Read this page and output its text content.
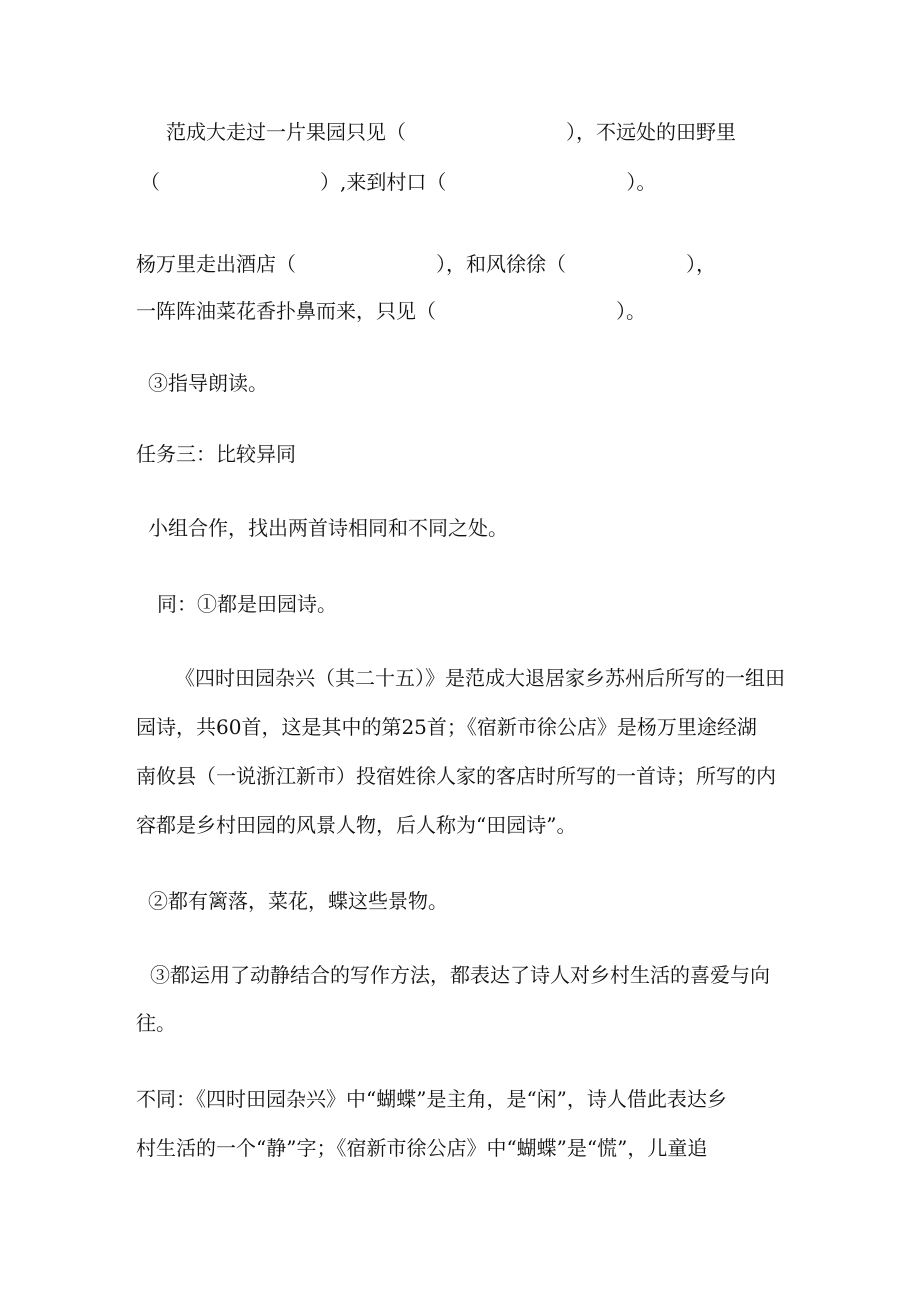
范成大走过一片果园只见（　　　　　　　　），不远处的田野里
（　　　　　　　　）,来到村口（　　　　　　　　　）。
杨万里走出酒店（　　　　　　　），和风徐徐（　　　　　　），
一阵阵油菜花香扑鼻而来，只见（　　　　　　　　　）。
③指导朗读。
任务三：比较异同
小组合作，找出两首诗相同和不同之处。
同：①都是田园诗。
《四时田园杂兴（其二十五）》是范成大退居家乡苏州后所写的一组田
园诗，共60首，这是其中的第25首；《宿新市徐公店》是杨万里途经湖
南攸县（一说浙江新市）投宿姓徐人家的客店时所写的一首诗；所写的内
容都是乡村田园的风景人物，后人称为“田园诗”。
②都有篱落，菜花，蝶这些景物。
③都运用了动静结合的写作方法，都表达了诗人对乡村生活的喜爱与向
往。
不同：《四时田园杂兴》中“蝴蝶”是主角，是“闲”，诗人借此表达乡
村生活的一个“静”字；《宿新市徐公店》中“蝴蝶”是“慌”，儿童追
